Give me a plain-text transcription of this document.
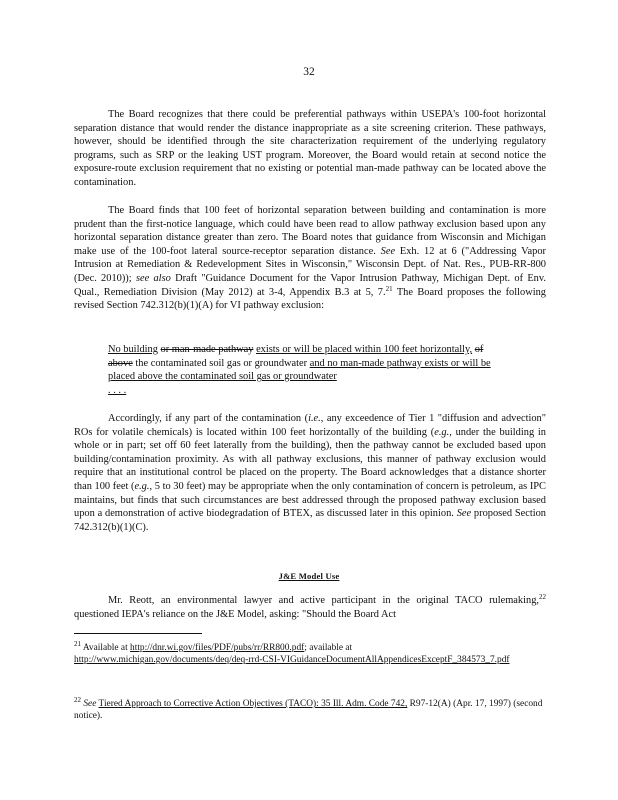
32

The Board recognizes that there could be preferential pathways within USEPA's 100-foot horizontal separation distance that would render the distance inappropriate as a site screening criterion. These pathways, however, should be identified through the site characterization requirement of the underlying regulatory programs, such as SRP or the leaking UST program. Moreover, the Board would retain at second notice the exposure-route exclusion requirement that no existing or potential man-made pathway can be located above the contamination.

The Board finds that 100 feet of horizontal separation between building and contamination is more prudent than the first-notice language, which could have been read to allow pathway exclusion based upon any horizontal separation distance greater than zero. The Board notes that guidance from Wisconsin and Michigan make use of the 100-foot lateral source-receptor separation distance. See Exh. 12 at 6 ("Addressing Vapor Intrusion at Remediation & Redevelopment Sites in Wisconsin," Wisconsin Dept. of Nat. Res., PUB-RR-800 (Dec. 2010)); see also Draft "Guidance Document for the Vapor Intrusion Pathway, Michigan Dept. of Env. Qual., Remediation Division (May 2012) at 3-4, Appendix B.3 at 5, 7.21 The Board proposes the following revised Section 742.312(b)(1)(A) for VI pathway exclusion:

No building or man-made pathway exists or will be placed within 100 feet horizontally, of above the contaminated soil gas or groundwater and no man-made pathway exists or will be placed above the contaminated soil gas or groundwater
. . . .

Accordingly, if any part of the contamination (i.e., any exceedence of Tier 1 "diffusion and advection" ROs for volatile chemicals) is located within 100 feet horizontally of the building (e.g., under the building in whole or in part; set off 60 feet laterally from the building), then the pathway cannot be excluded based upon building/contamination proximity. As with all pathway exclusions, this manner of pathway exclusion would require that an institutional control be placed on the property. The Board acknowledges that a distance shorter than 100 feet (e.g., 5 to 30 feet) may be appropriate when the only contamination of concern is petroleum, as IPC maintains, but finds that such circumstances are best addressed through the proposed pathway exclusion based upon a demonstration of active biodegradation of BTEX, as discussed later in this opinion. See proposed Section 742.312(b)(1)(C).

J&E Model Use

Mr. Reott, an environmental lawyer and active participant in the original TACO rulemaking,$^{22}$ questioned IEPA's reliance on the J&E Model, asking: "Should the Board Act

$^{21}$ Available at http://dnr.wi.gov/files/PDF/pubs/rr/RR800.pdf; available at
http://www.michigan.gov/documents/deq/deq-rrd-CSI-VIGuidanceDocumentAllAppendicesExceptF_384573_7.pdf

$^{22}$ See Tiered Approach to Corrective Action Objectives (TACO): 35 Ill. Adm. Code 742, R97-12(A) (Apr. 17, 1997) (second notice).
